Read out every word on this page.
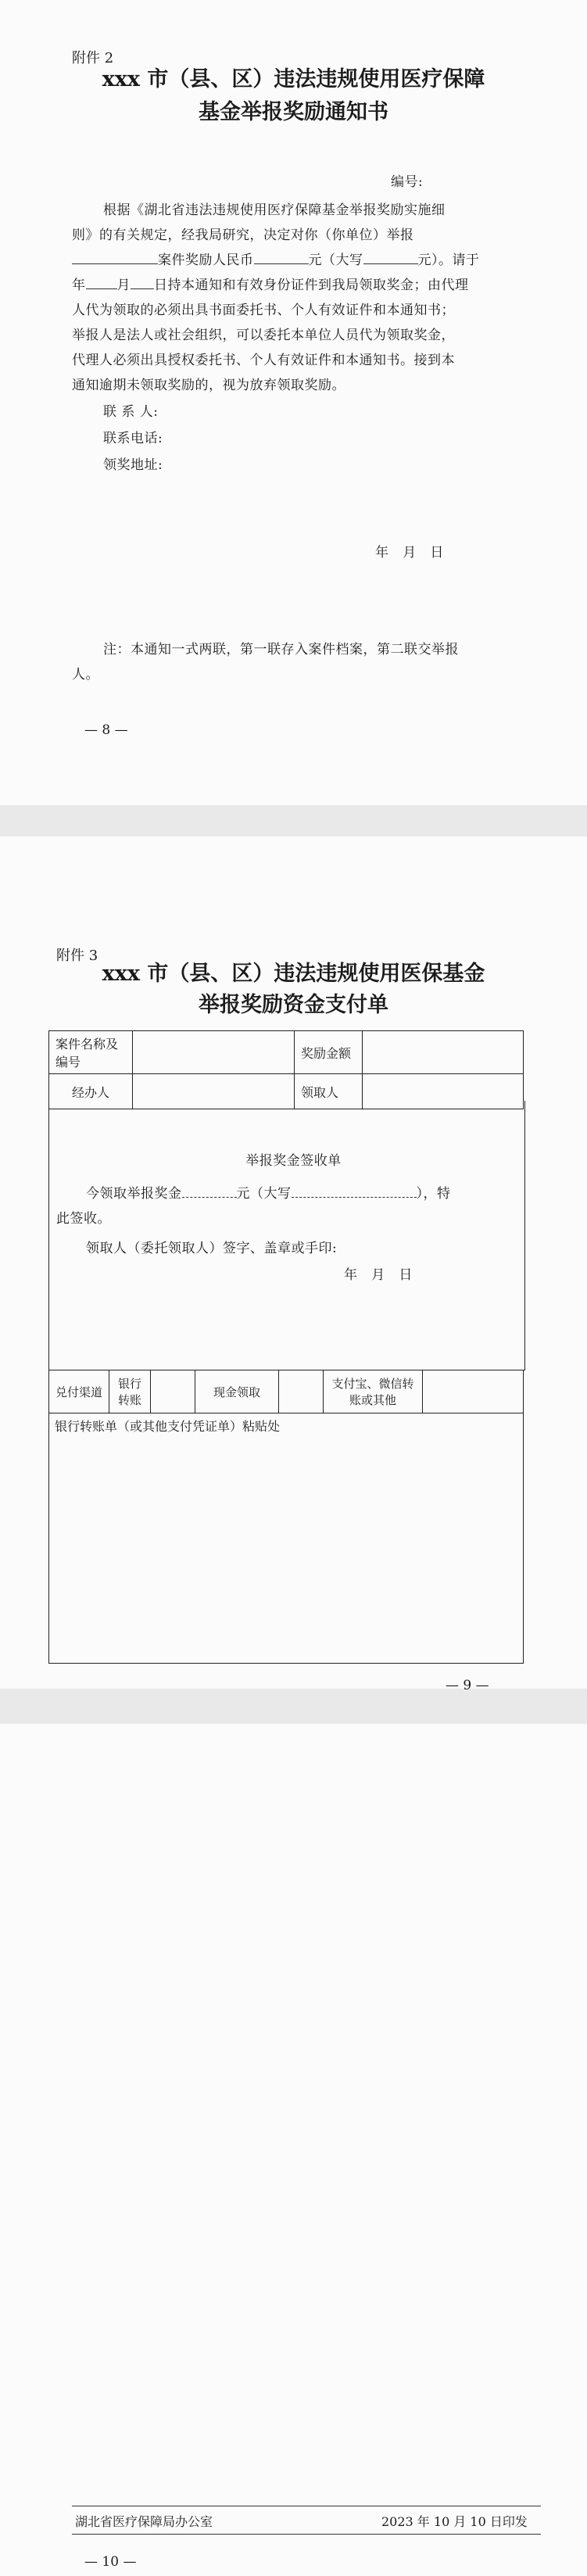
附件 2
xxx 市（县、区）违法违规使用医疗保障
基金举报奖励通知书
编号:
根据《湖北省违法违规使用医疗保障基金举报奖励实施细
则》的有关规定，经我局研究，决定对你（你单位）举报
案件奖励人民币	元（大写	元）。请于
年 月 日持本通知和有效身份证件到我局领取奖金；由代理
人代为领取的必须出具书面委托书、个人有效证件和本通知书；
举报人是法人或社会组织，可以委托本单位人员代为领取奖金，
代理人必须出具授权委托书、个人有效证件和本通知书。接到本
通知逾期未领取奖励的，视为放弃领取奖励。
联 系 人:
联系电话:
领奖地址:
年   月   日
注：本通知一式两联，第一联存入案件档案，第二联交举报
人。
— 8 —
附件 3
xxx 市（县、区）违法违规使用医保基金
举报奖励资金支付单
案件名称及编号		奖励金额	
经办人		领取人	
举报奖金签收单
今领取举报奖金	元（大写	），特
此签收。
领取人（委托领取人）签字、盖章或手印:
年   月   日
兑付渠道	银行转账		现金领取		支付宝、微信转账或其他	
银行转账单（或其他支付凭证单）粘贴处
— 9 —
湖北省医疗保障局办公室	2023 年 10 月 10 日印发
— 10 —
